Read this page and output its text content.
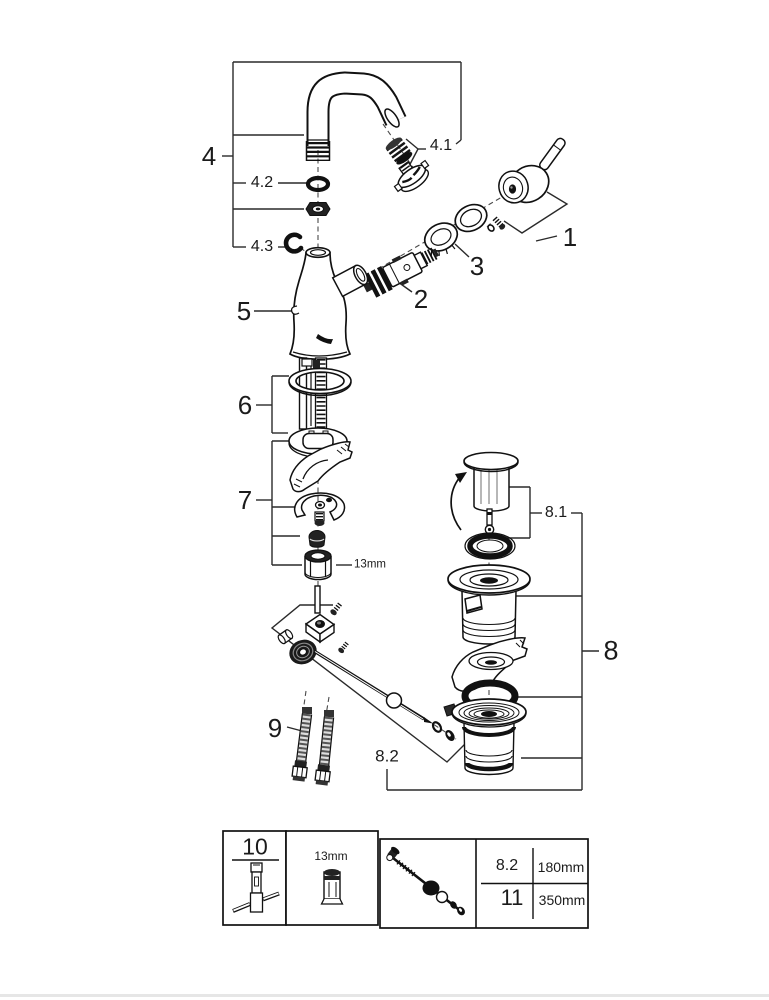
4	4.1
4.2
4.3	1
2
3
5
6
7
13mm
8.1
8
8.2
9
10	13mm
8.2 180mm
11 350mm
